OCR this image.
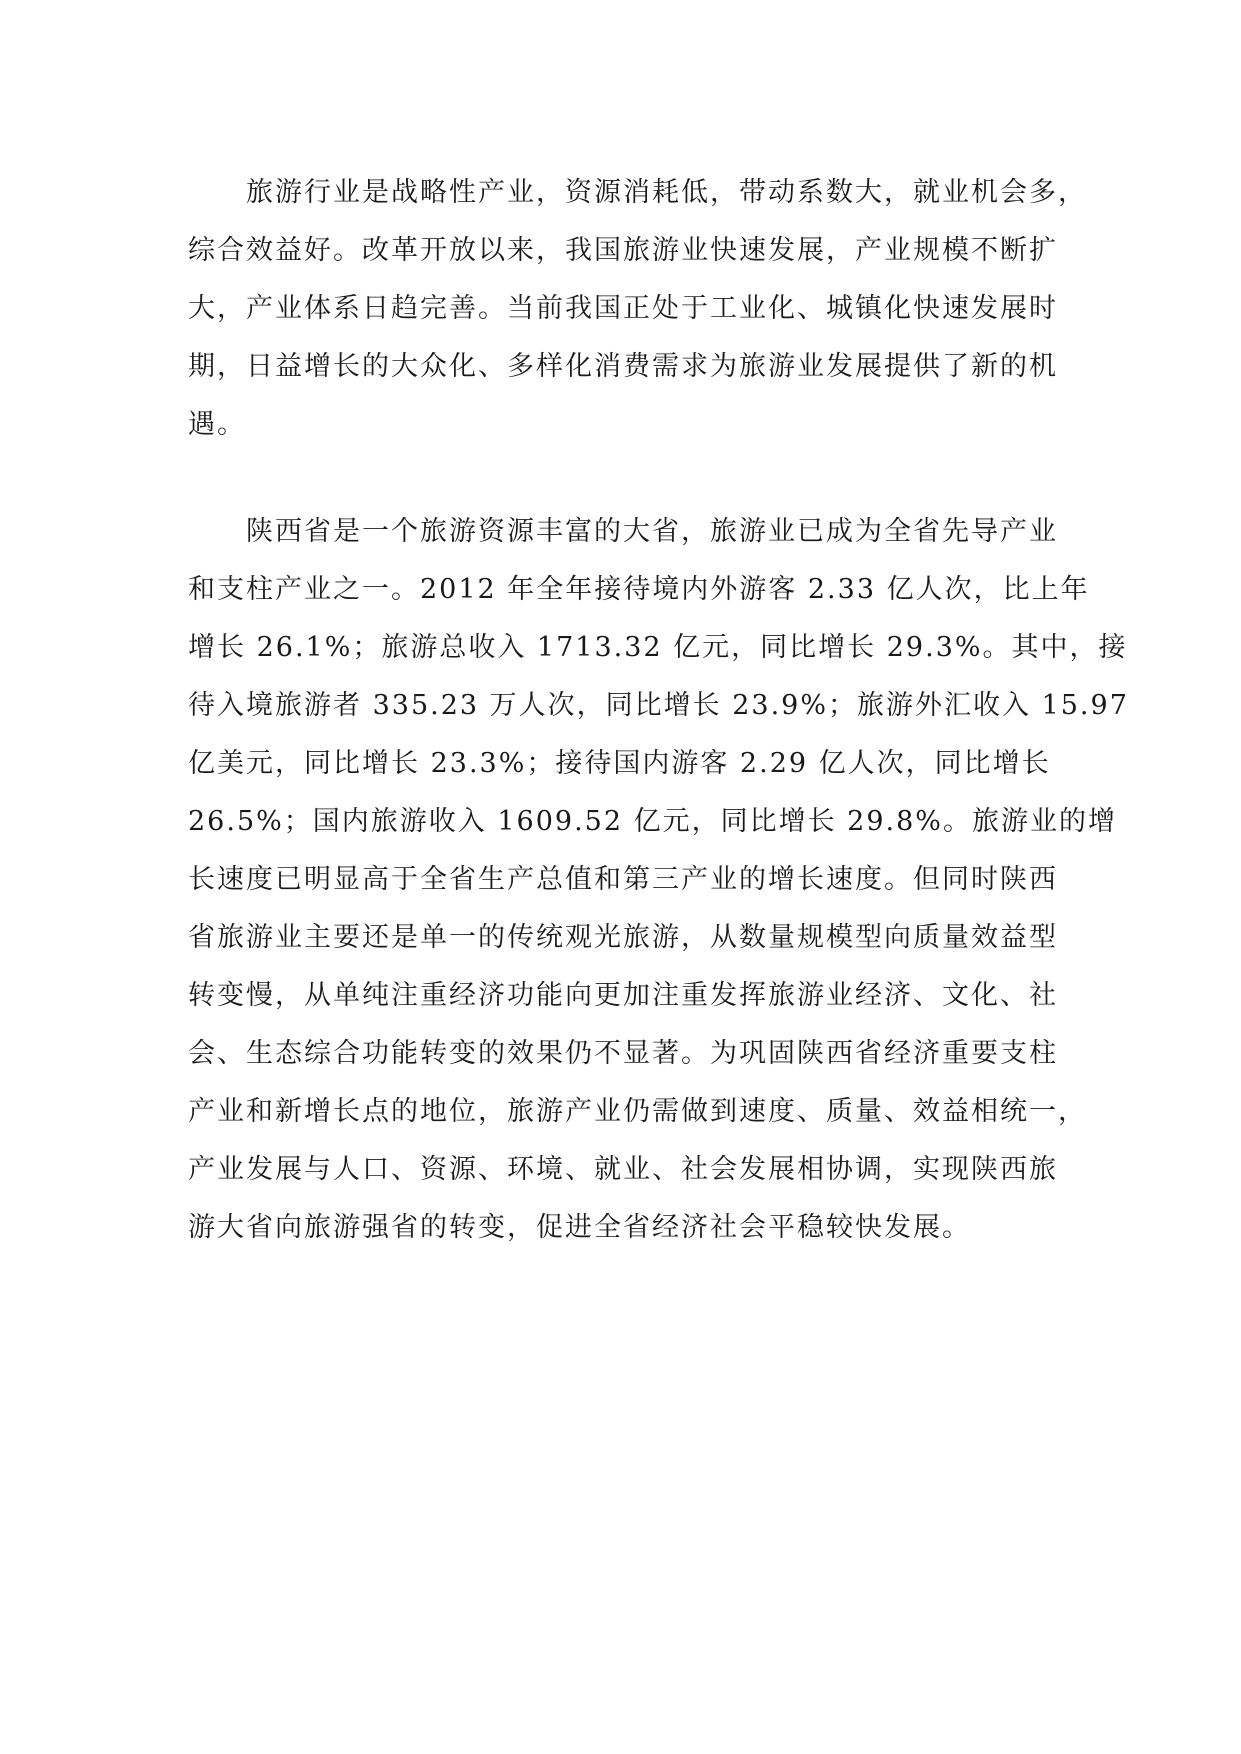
　　旅游行业是战略性产业，资源消耗低，带动系数大，就业机会多，
综合效益好。改革开放以来，我国旅游业快速发展，产业规模不断扩
大，产业体系日趋完善。当前我国正处于工业化、城镇化快速发展时
期，日益增长的大众化、多样化消费需求为旅游业发展提供了新的机
遇。
　　陕西省是一个旅游资源丰富的大省，旅游业已成为全省先导产业
和支柱产业之一。2012 年全年接待境内外游客 2.33 亿人次，比上年
增长 26.1%；旅游总收入 1713.32 亿元，同比增长 29.3%。其中，接
待入境旅游者 335.23 万人次，同比增长 23.9%；旅游外汇收入 15.97
亿美元，同比增长 23.3%；接待国内游客 2.29 亿人次，同比增长
26.5%；国内旅游收入 1609.52 亿元，同比增长 29.8%。旅游业的增
长速度已明显高于全省生产总值和第三产业的增长速度。但同时陕西
省旅游业主要还是单一的传统观光旅游，从数量规模型向质量效益型
转变慢，从单纯注重经济功能向更加注重发挥旅游业经济、文化、社
会、生态综合功能转变的效果仍不显著。为巩固陕西省经济重要支柱
产业和新增长点的地位，旅游产业仍需做到速度、质量、效益相统一，
产业发展与人口、资源、环境、就业、社会发展相协调，实现陕西旅
游大省向旅游强省的转变，促进全省经济社会平稳较快发展。
